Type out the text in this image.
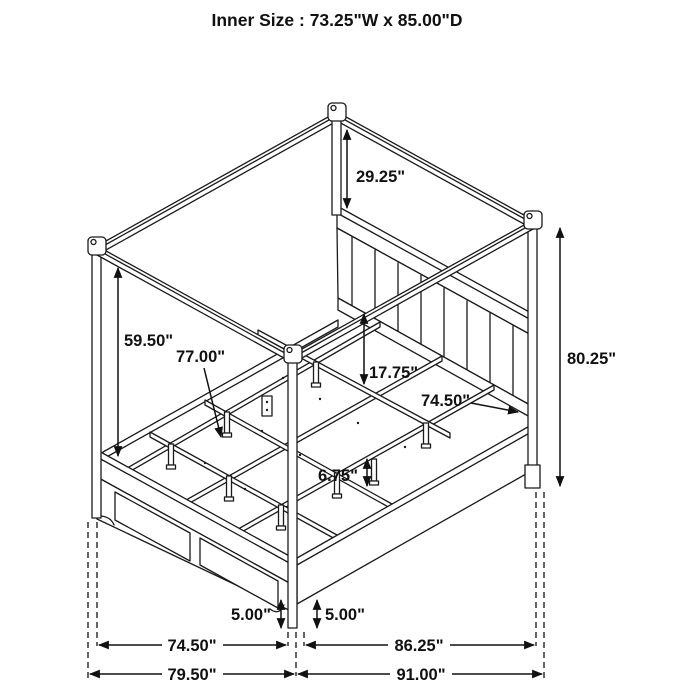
Inner Size : 73.25"W x 85.00"D
29.25"
59.50"
77.00"
17.75"
74.50"
80.25"
6.75"
5.00"	5.00"
74.50"	86.25"
79.50"	91.00"
